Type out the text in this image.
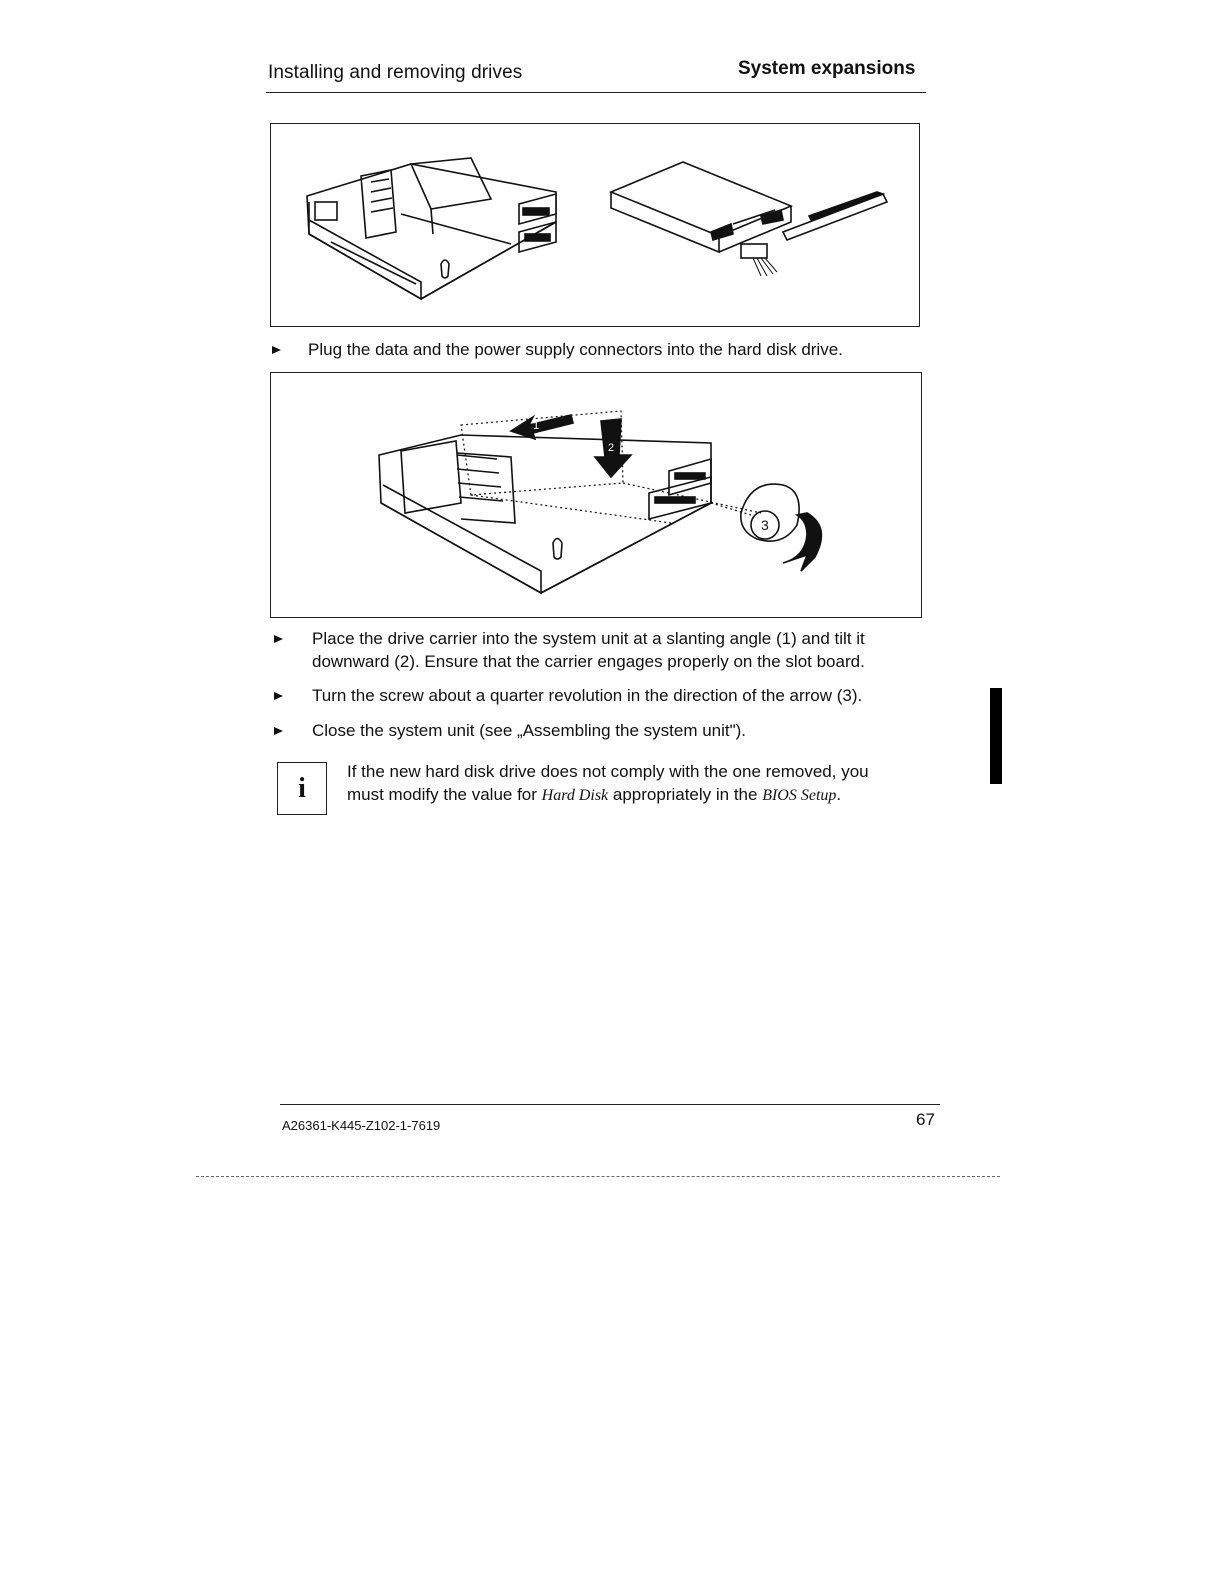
Installing and removing drives	System expansions
Plug the data and the power supply connectors into the hard disk drive.
1
2
3
Place the drive carrier into the system unit at a slanting angle (1) and tilt it
downward (2). Ensure that the carrier engages properly on the slot board.
Turn the screw about a quarter revolution in the direction of the arrow (3).
Close the system unit (see „Assembling the system unit").
i
If the new hard disk drive does not comply with the one removed, you
must modify the value for Hard Disk appropriately in the BIOS Setup.
A26361-K445-Z102-1-7619	67
